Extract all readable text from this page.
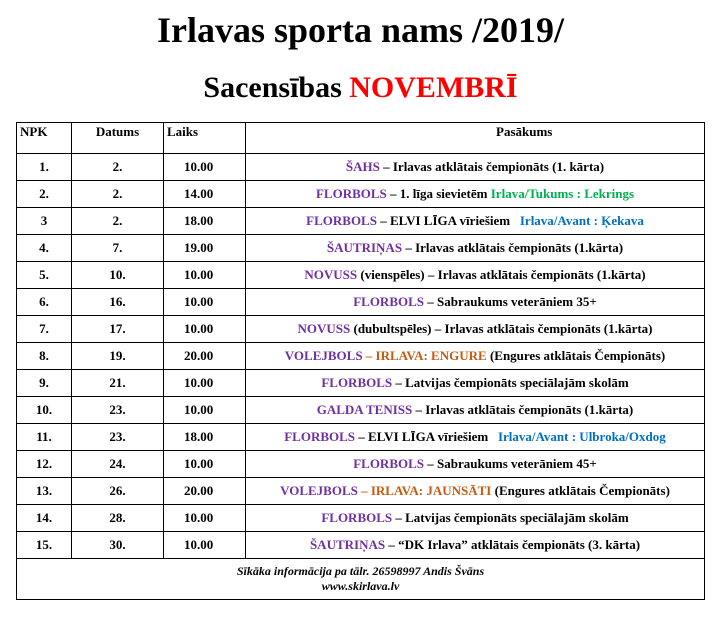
Irlavas sporta nams /2019/
Sacensības NOVEMBRĪ
NPK	Datums	Laiks	Pasākums
1.	2.	10.00	ŠAHS – Irlavas atklātais čempionāts (1. kārta)
2.	2.	14.00	FLORBOLS – 1. līga sievietēm Irlava/Tukums : Lekrings
3	2.	18.00	FLORBOLS – ELVI LĪGA vīriešiem   Irlava/Avant : Ķekava
4.	7.	19.00	ŠAUTRIŅAS – Irlavas atklātais čempionāts (1.kārta)
5.	10.	10.00	NOVUSS (vienspēles) – Irlavas atklātais čempionāts (1.kārta)
6.	16.	10.00	FLORBOLS – Sabraukums veterāniem 35+
7.	17.	10.00	NOVUSS (dubultspēles) – Irlavas atklātais čempionāts (1.kārta)
8.	19.	20.00	VOLEJBOLS – IRLAVA: ENGURE (Engures atklātais Čempionāts)
9.	21.	10.00	FLORBOLS – Latvijas čempionāts speciālajām skolām
10.	23.	10.00	GALDA TENISS – Irlavas atklātais čempionāts (1.kārta)
11.	23.	18.00	FLORBOLS – ELVI LĪGA vīriešiem   Irlava/Avant : Ulbroka/Oxdog
12.	24.	10.00	FLORBOLS – Sabraukums veterāniem 45+
13.	26.	20.00	VOLEJBOLS – IRLAVA: JAUNSĀTI (Engures atklātais Čempionāts)
14.	28.	10.00	FLORBOLS – Latvijas čempionāts speciālajām skolām
15.	30.	10.00	ŠAUTRIŅAS – “DK Irlava” atklātais čempionāts (3. kārta)

Sīkāka informācija pa tālr. 26598997 Andis Švāns
www.skirlava.lv			
